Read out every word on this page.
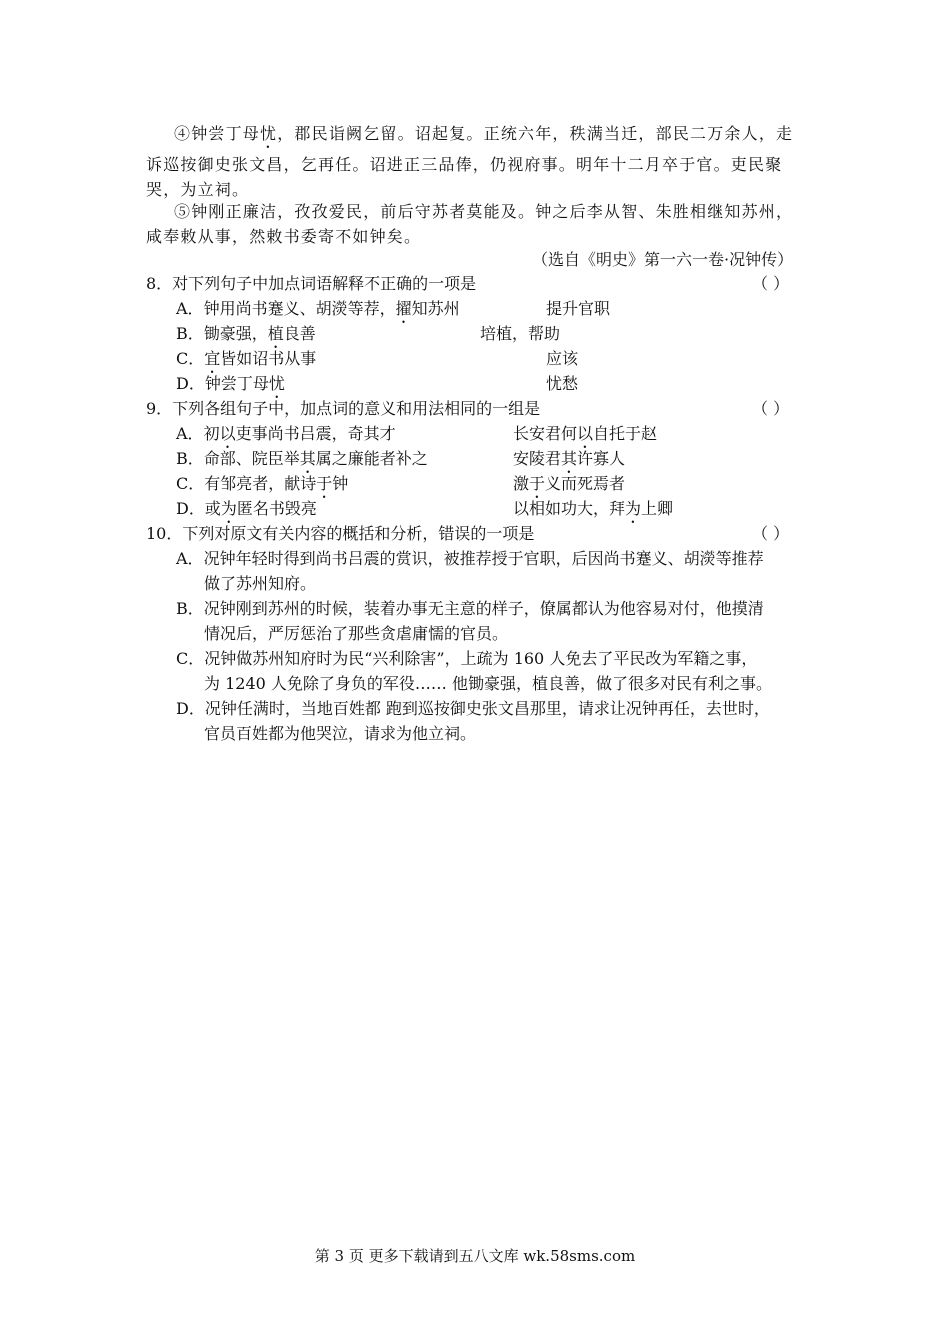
④钟尝丁母忧，郡民诣阙乞留。诏起复。正统六年，秩满当迁，部民二万余人，走诉巡按御史张文昌，乞再任。诏进正三品俸，仍视府事。明年十二月卒于官。吏民聚哭，为立祠。
⑤钟刚正廉洁，孜孜爱民，前后守苏者莫能及。钟之后李从智、朱胜相继知苏州，咸奉敕从事，然敕书委寄不如钟矣。
（选自《明史》第一六一卷·况钟传）
8．对下列句子中加点词语解释不正确的一项是	（ ）
A．钟用尚书蹇义、胡濙等荐，擢知苏州	提升官职
B．锄豪强，植良善	培植，帮助
C．宜皆如诏书从事	应该
D．钟尝丁母忧	忧愁
9．下列各组句子中，加点词的意义和用法相同的一组是	（ ）
A．初以吏事尚书吕震，奇其才	长安君何以自托于赵
B．命部、院臣举其属之廉能者补之	安陵君其许寡人
C．有邹亮者，献诗于钟	激于义而死焉者
D．或为匿名书毁亮	以相如功大，拜为上卿
10．下列对原文有关内容的概括和分析，错误的一项是	（ ）
A．况钟年轻时得到尚书吕震的赏识，被推荐授于官职，后因尚书蹇义、胡濙等推荐
做了苏州知府。
B．况钟刚到苏州的时候，装着办事无主意的样子，僚属都认为他容易对付，他摸清
情况后，严厉惩治了那些贪虐庸懦的官员。
C．况钟做苏州知府时为民“兴利除害”，上疏为 160 人免去了平民改为军籍之事，
为 1240 人免除了身负的军役…… 他锄豪强，植良善，做了很多对民有利之事。
D．况钟任满时，当地百姓都 跑到巡按御史张文昌那里，请求让况钟再任，去世时，
官员百姓都为他哭泣，请求为他立祠。
第 3 页 更多下载请到五八文库 wk.58sms.com
